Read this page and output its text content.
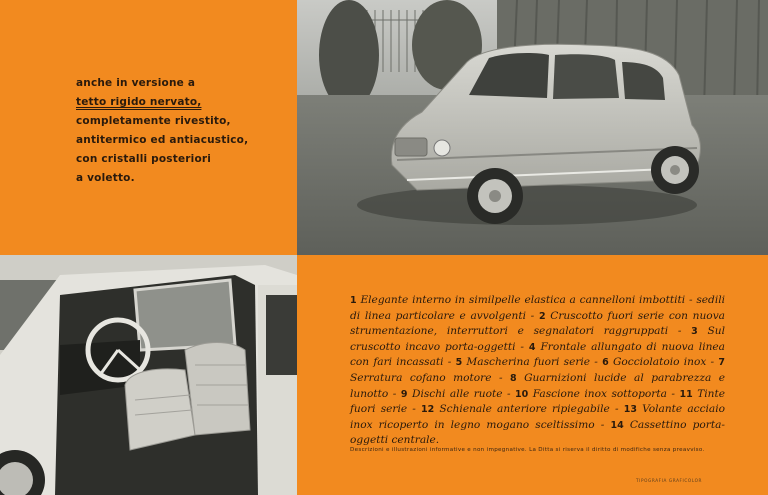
anche in versione a
tetto rigido nervato,
completamente rivestito,
antitermico ed antiacustico,
con cristalli posteriori
a voletto.
1 Elegante interno in similpelle elastica a cannelloni imbottiti - sedili di linea particolare e avvolgenti - 2 Cruscotto fuori serie con nuova strumentazione, interruttori e segnalatori raggruppati - 3 Sul cruscotto incavo porta-oggetti - 4 Frontale allungato di nuova linea con fari incassati - 5 Mascherina fuori serie - 6 Gocciolatoio inox - 7 Serratura cofano motore - 8 Guarnizioni lucide al parabrezza e lunotto - 9 Dischi alle ruote - 10 Fascione inox sottoporta - 11 Tinte fuori serie - 12 Schienale anteriore ripiegabile - 13 Volante acciaio inox ricoperto in legno mogano sceltissimo - 14 Cassettino porta-oggetti centrale.
Descrizioni e illustrazioni informative e non impegnative. La Ditta si riserva il diritto di modifiche senza preavviso.
TIPOGRAFIA GRAFICOLOR
